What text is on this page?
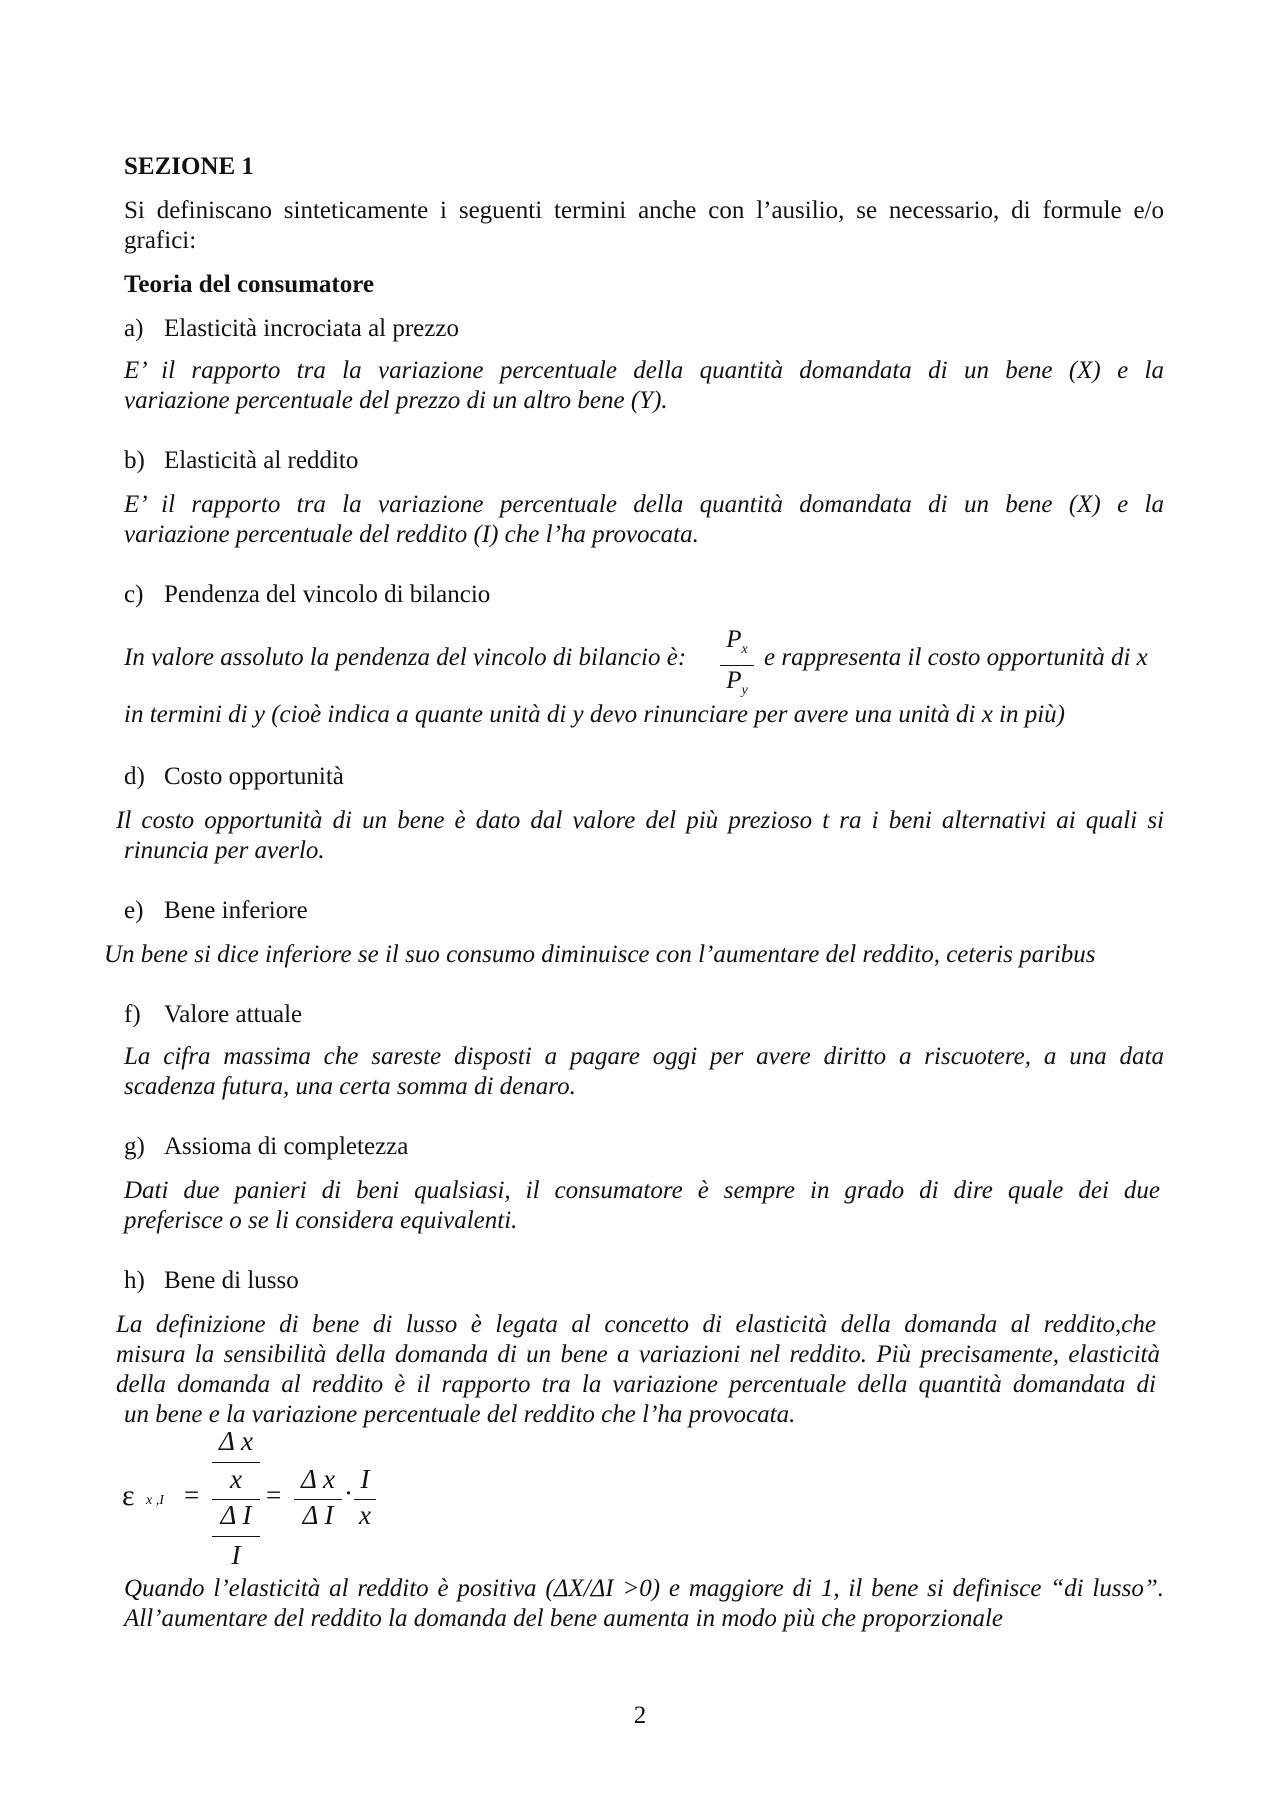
SEZIONE 1
Si definiscano sinteticamente i seguenti termini anche con l’ausilio, se necessario, di formule e/o
grafici:
Teoria del consumatore
a) Elasticità incrociata al prezzo
E’ il rapporto tra la variazione percentuale della quantità domandata di un bene (X) e la
variazione percentuale del prezzo di un altro bene (Y).
b) Elasticità al reddito
E’ il rapporto tra la variazione percentuale della quantità domandata di un bene (X) e la
variazione percentuale del reddito (I) che l’ha provocata.
c) Pendenza del vincolo di bilancio
In valore assoluto la pendenza del vincolo di bilancio è:
$P_x$
$P_y$
e rappresenta il costo opportunità di x
in termini di y (cioè indica a quante unità di y devo rinunciare per avere una unità di x in più)
d) Costo opportunità
Il costo opportunità di un bene è dato dal valore del più prezioso t ra i beni alternativi ai quali si
rinuncia per averlo.
e) Bene inferiore
Un bene si dice inferiore se il suo consumo diminuisce con l’aumentare del reddito, ceteris paribus
f) Valore attuale
La cifra massima che sareste disposti a pagare oggi per avere diritto a riscuotere, a una data
scadenza futura, una certa somma di denaro.
g) Assioma di completezza
Dati due panieri di beni qualsiasi, il consumatore è sempre in grado di dire quale dei due
preferisce o se li considera equivalenti.
h) Bene di lusso
La definizione di bene di lusso è legata al concetto di elasticità della domanda al reddito,che
misura la sensibilità della domanda di un bene a variazioni nel reddito. Più precisamente, elasticità
della domanda al reddito è il rapporto tra la variazione percentuale della quantità domandata di
un bene e la variazione percentuale del reddito che l’ha provocata.
ε x ,I =
Δ x
x
Δ I
I
=
Δ x
Δ I
· I
x
Quando l’elasticità al reddito è positiva (ΔX/ΔI >0) e maggiore di 1, il bene si definisce “di lusso”.
All’aumentare del reddito la domanda del bene aumenta in modo più che proporzionale
2
